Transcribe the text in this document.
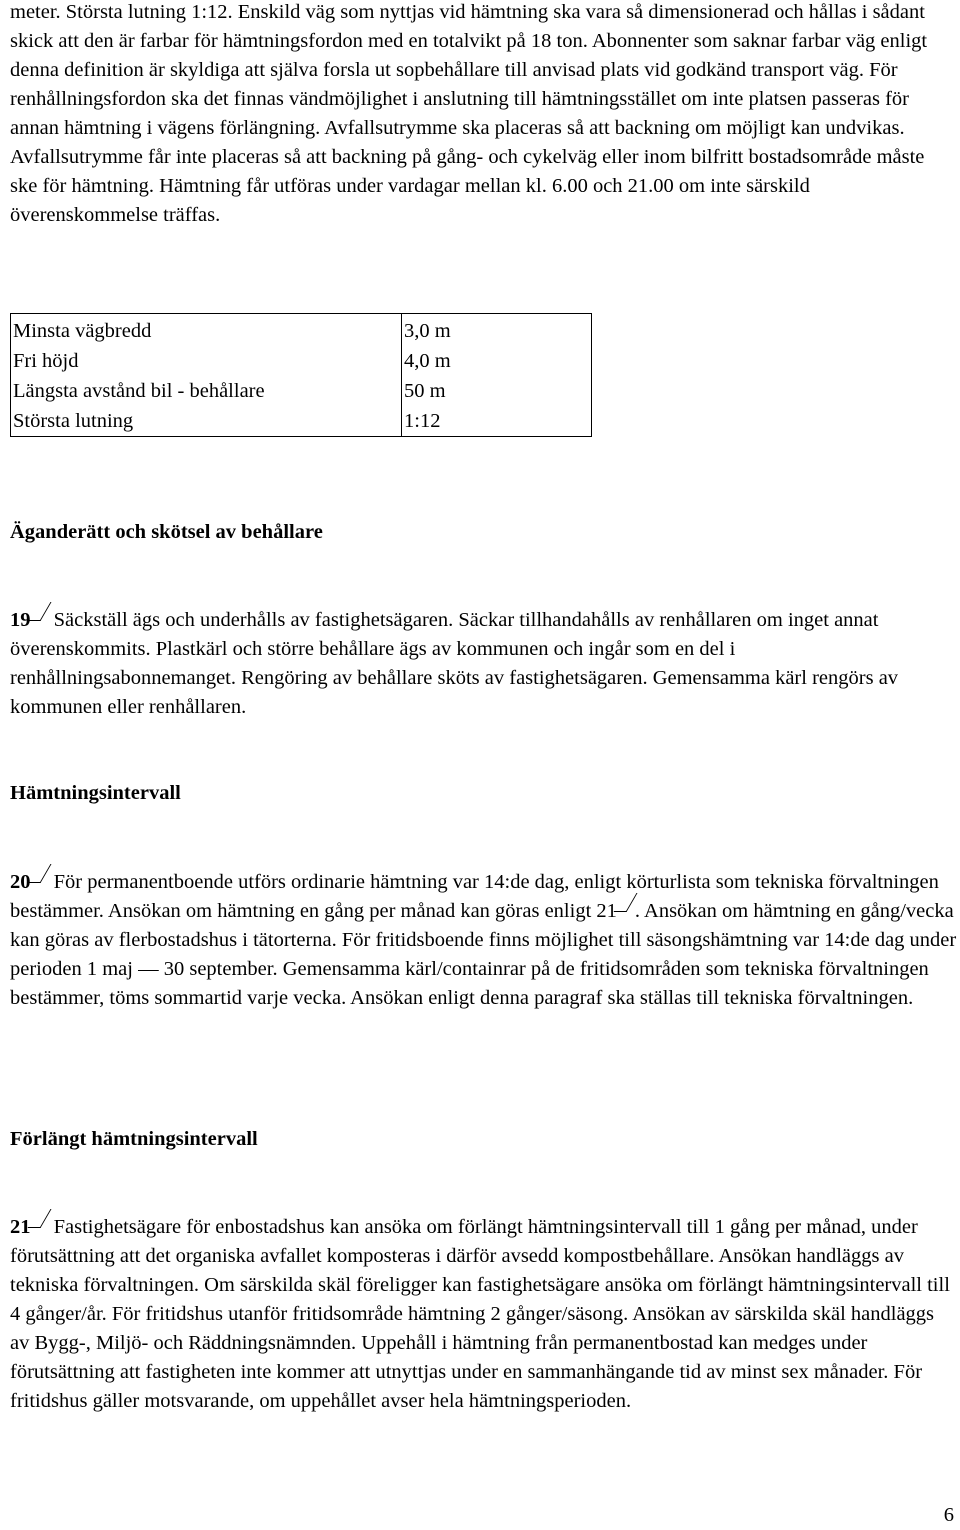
meter. Största lutning 1:12. Enskild väg som nyttjas vid hämtning ska vara så dimensionerad och hållas i sådant skick att den är farbar för hämtningsfordon med en totalvikt på 18 ton. Abonnenter som saknar farbar väg enligt denna definition är skyldiga att själva forsla ut sopbehållare till anvisad plats vid godkänd transport väg. För renhållningsfordon ska det finnas vändmöjlighet i anslutning till hämtningsstället om inte platsen passeras för annan hämtning i vägens förlängning. Avfallsutrymme ska placeras så att backning om möjligt kan undvikas. Avfallsutrymme får inte placeras så att backning på gång- och cykelväg eller inom bilfritt bostadsområde måste ske för hämtning. Hämtning får utföras under vardagar mellan kl. 6.00 och 21.00 om inte särskild överenskommelse träffas.

Minsta vägbredd	3,0 m
Fri höjd	4,0 m
Längsta avstånd bil - behållare	50 m
Största lutning	1:12
Äganderätt och skötsel av behållare

19 Säckställ ägs och underhålls av fastighetsägaren. Säckar tillhandahålls av renhållaren om inget annat överenskommits. Plastkärl och större behållare ägs av kommunen och ingår som en del i renhållningsabonnemanget. Rengöring av behållare sköts av fastighetsägaren. Gemensamma kärl rengörs av kommunen eller renhållaren.

Hämtningsintervall

20 För permanentboende utförs ordinarie hämtning var 14:de dag, enligt körturlista som tekniska förvaltningen bestämmer. Ansökan om hämtning en gång per månad kan göras enligt 21 . Ansökan om hämtning en gång/vecka kan göras av flerbostadshus i tätorterna. För fritidsboende finns möjlighet till säsongshämtning var 14:de dag under perioden 1 maj — 30 september. Gemensamma kärl/containrar på de fritidsområden som tekniska förvaltningen bestämmer, töms sommartid varje vecka. Ansökan enligt denna paragraf ska ställas till tekniska förvaltningen.

Förlängt hämtningsintervall

21 Fastighetsägare för enbostadshus kan ansöka om förlängt hämtningsintervall till 1 gång per månad, under förutsättning att det organiska avfallet komposteras i därför avsedd kompostbehållare. Ansökan handläggs av tekniska förvaltningen. Om särskilda skäl föreligger kan fastighetsägare ansöka om förlängt hämtningsintervall till 4 gånger/år. För fritidshus utanför fritidsområde hämtning 2 gånger/säsong. Ansökan av särskilda skäl handläggs av Bygg-, Miljö- och Räddningsnämnden. Uppehåll i hämtning från permanentbostad kan medges under förutsättning att fastigheten inte kommer att utnyttjas under en sammanhängande tid av minst sex månader. För fritidshus gäller motsvarande, om uppehållet avser hela hämtningsperioden.

6
